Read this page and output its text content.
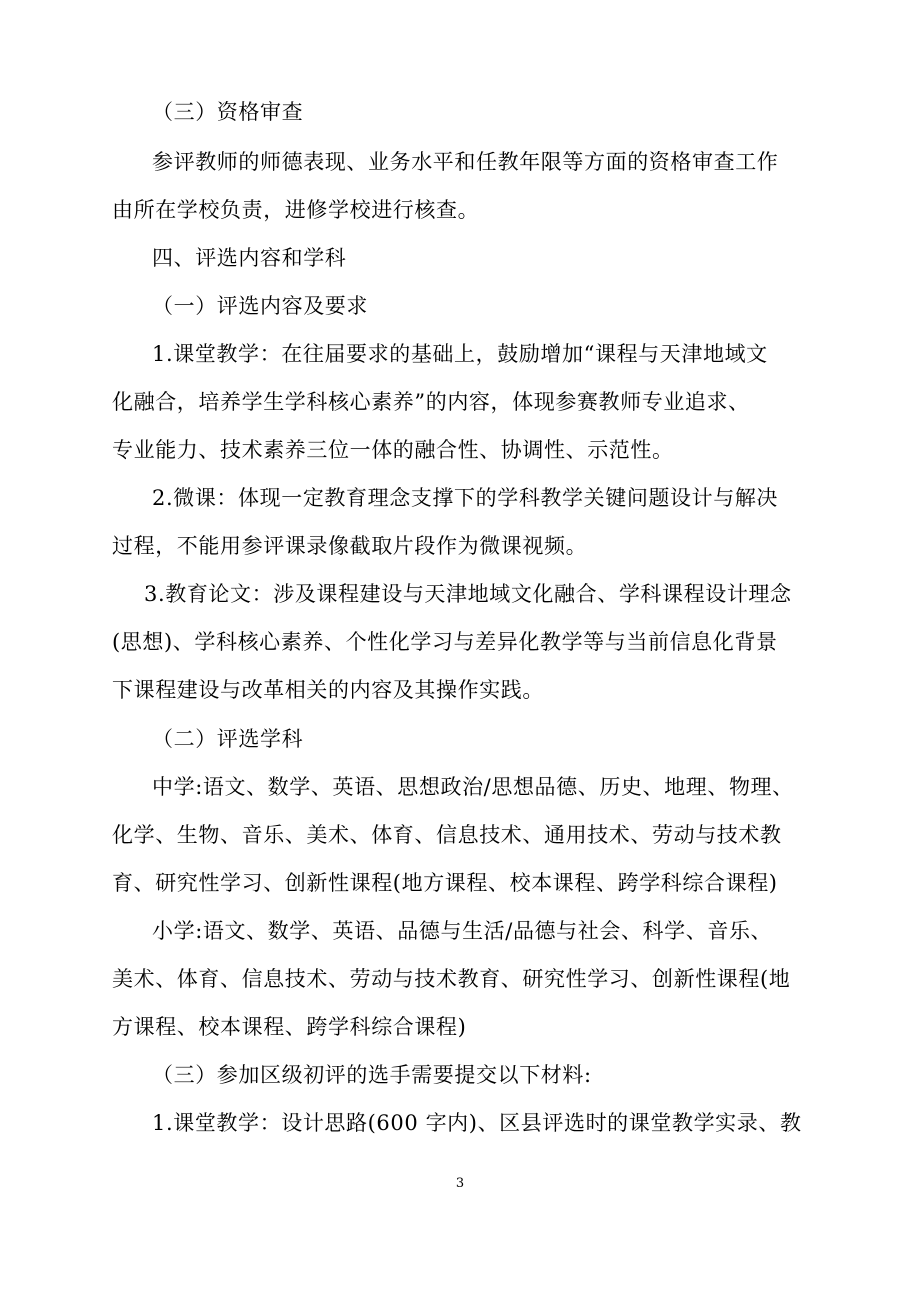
（三）资格审查
参评教师的师德表现、业务水平和任教年限等方面的资格审查工作
由所在学校负责，进修学校进行核查。
四、评选内容和学科
（一）评选内容及要求
1.课堂教学：在往届要求的基础上，鼓励增加“课程与天津地域文
化融合，培养学生学科核心素养”的内容，体现参赛教师专业追求、
专业能力、技术素养三位一体的融合性、协调性、示范性。
2.微课：体现一定教育理念支撑下的学科教学关键问题设计与解决
过程，不能用参评课录像截取片段作为微课视频。
3.教育论文：涉及课程建设与天津地域文化融合、学科课程设计理念
(思想)、学科核心素养、个性化学习与差异化教学等与当前信息化背景
下课程建设与改革相关的内容及其操作实践。
（二）评选学科
中学:语文、数学、英语、思想政治/思想品德、历史、地理、物理、
化学、生物、音乐、美术、体育、信息技术、通用技术、劳动与技术教
育、研究性学习、创新性课程(地方课程、校本课程、跨学科综合课程)
小学:语文、数学、英语、品德与生活/品德与社会、科学、音乐、
美术、体育、信息技术、劳动与技术教育、研究性学习、创新性课程(地
方课程、校本课程、跨学科综合课程)
（三）参加区级初评的选手需要提交以下材料:
1.课堂教学：设计思路(600 字内)、区县评选时的课堂教学实录、教
3
